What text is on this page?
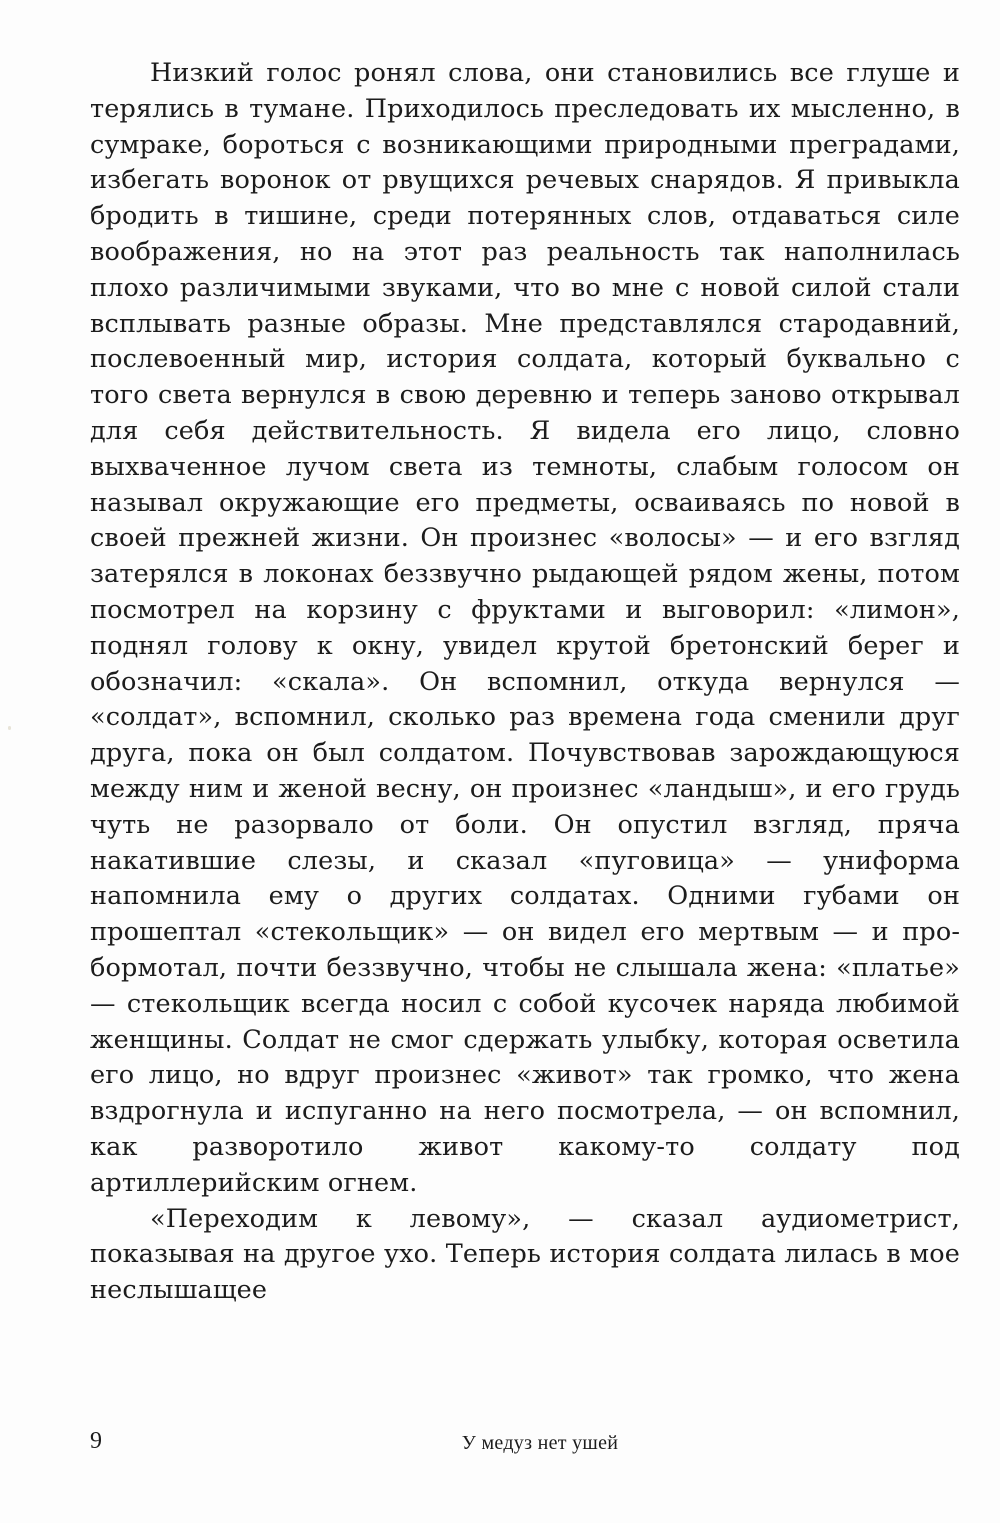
Низкий голос ронял слова, они становились все глуше и терялись в тумане. Приходилось преследовать их мысленно, в сумраке, бороться с возникающими природными преградами, избегать воронок от рвущихся речевых снарядов. Я привыкла бродить в тишине, среди потерянных слов, отдаваться силе воображения, но на этот раз реальность так наполнилась плохо различимыми звуками, что во мне с новой силой стали всплывать разные образы. Мне представлялся стародавний, послевоенный мир, история солдата, который буквально с того света вернулся в свою деревню и теперь заново открывал для себя действительность. Я видела его лицо, словно выхваченное лучом света из темноты, слабым голосом он называл окружающие его предметы, осваиваясь по новой в своей прежней жизни. Он произнес «волосы» — и его взгляд затерялся в локонах беззвучно рыдающей рядом жены, потом посмотрел на корзину с фруктами и выговорил: «лимон», поднял голову к окну, увидел крутой бретонский берег и обозначил: «скала». Он вспомнил, откуда вернулся — «солдат», вспомнил, сколько раз времена года сменили друг друга, пока он был солдатом. Почувствовав зарождающуюся между ним и женой весну, он произнес «ландыш», и его грудь чуть не разорвало от боли. Он опустил взгляд, пряча накатившие слезы, и сказал «пуговица» — униформа напомнила ему о других солдатах. Одними губами он прошептал «стекольщик» — он видел его мертвым — и пробормотал, почти беззвучно, чтобы не слышала жена: «платье» — стекольщик всегда носил с собой кусочек наряда любимой женщины. Солдат не смог сдержать улыбку, которая осветила его лицо, но вдруг произнес «живот» так громко, что жена вздрогнула и испуганно на него посмотрела, — он вспомнил, как разворотило живот какому-то солдату под артиллерийским огнем.

«Переходим к левому», — сказал аудиометрист, показывая на другое ухо. Теперь история солдата лилась в мое неслышащее

9	У медуз нет ушей
